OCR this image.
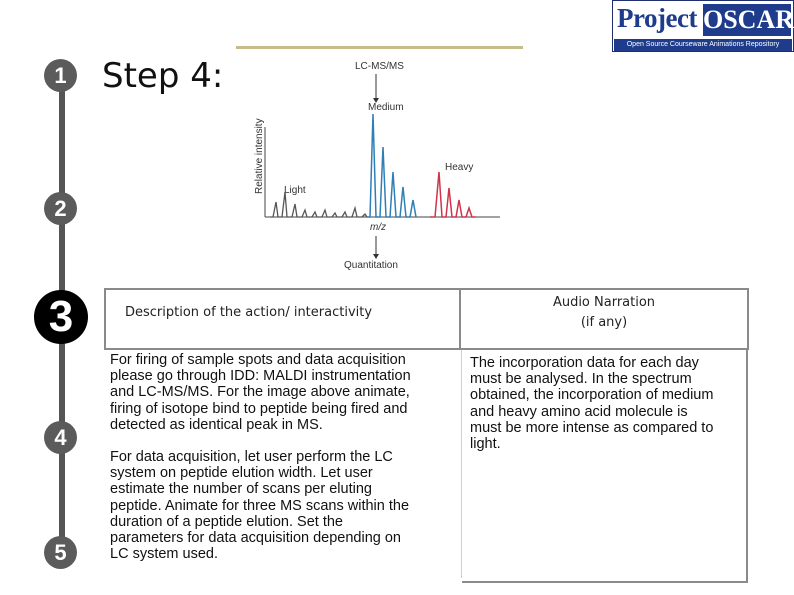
Project OSCAR
Open Source Courseware Animations Repository
1
2
3
4
5
Step 4:	LC-MS/MS
Medium
Heavy
Light
Relative intensity
m/z
Quantitation
Description of the action/ interactivity
Audio Narration
(if any)
For firing of sample spots and data acquisition
please go through IDD: MALDI instrumentation
and LC-MS/MS. For the image above animate,
firing of isotope bind to peptide being fired and
detected as identical peak in MS.
For data acquisition, let user perform the LC
system on peptide elution width. Let user
estimate the number of scans per eluting
peptide. Animate for three MS scans within the
duration of a peptide elution. Set the
parameters for data acquisition depending on
LC system used.
The incorporation data for each day
must be analysed. In the spectrum
obtained, the incorporation of medium
and heavy amino acid molecule is
must be more intense as compared to
light.
